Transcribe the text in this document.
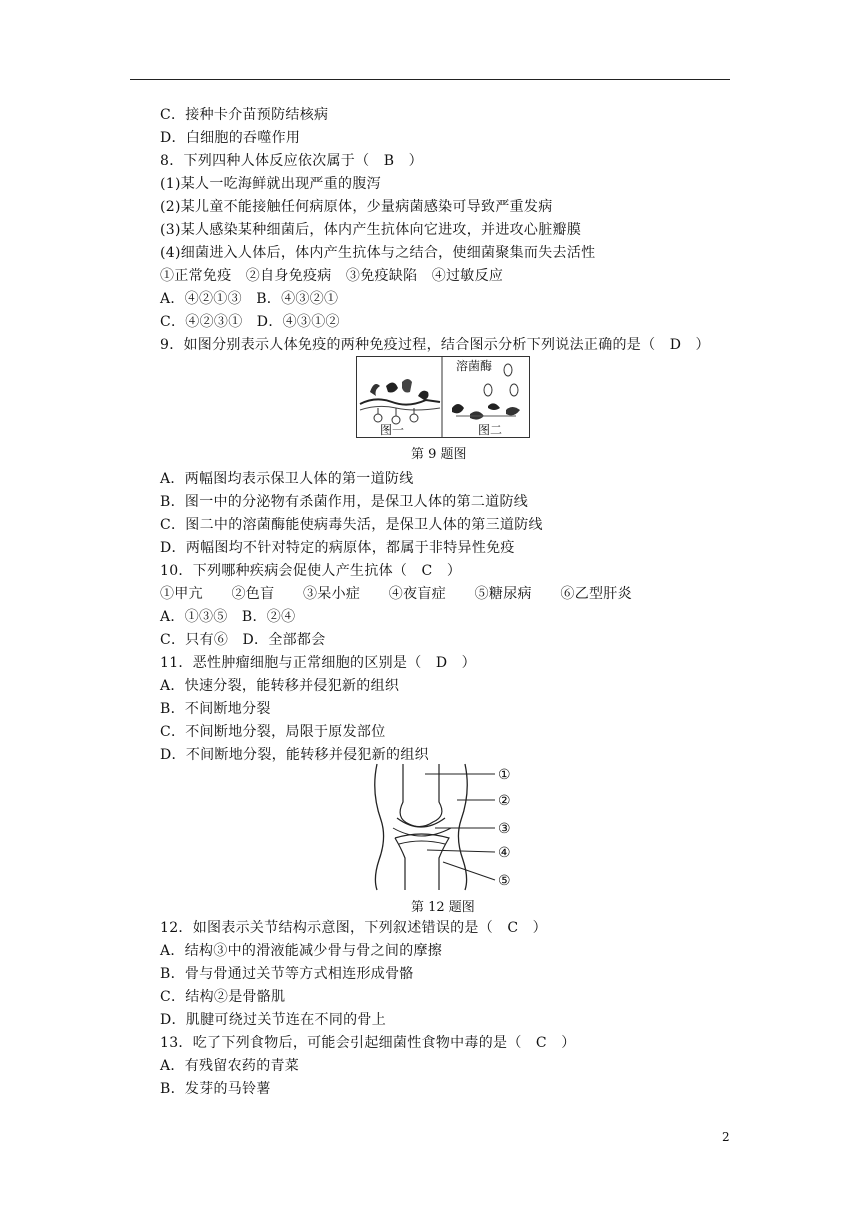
C．接种卡介苗预防结核病
D．白细胞的吞噬作用
8．下列四种人体反应依次属于（　B　）
(1)某人一吃海鲜就出现严重的腹泻
(2)某儿童不能接触任何病原体，少量病菌感染可导致严重发病
(3)某人感染某种细菌后，体内产生抗体向它进攻，并进攻心脏瓣膜
(4)细菌进入人体后，体内产生抗体与之结合，使细菌聚集而失去活性
①正常免疫　②自身免疫病　③免疫缺陷　④过敏反应
A．④②①③　B．④③②①
C．④②③①　D．④③①②
9．如图分别表示人体免疫的两种免疫过程，结合图示分析下列说法正确的是（　D　）
溶菌酶
图一	图二
第 9 题图
A．两幅图均表示保卫人体的第一道防线
B．图一中的分泌物有杀菌作用，是保卫人体的第二道防线
C．图二中的溶菌酶能使病毒失活，是保卫人体的第三道防线
D．两幅图均不针对特定的病原体，都属于非特异性免疫
10．下列哪种疾病会促使人产生抗体（　C　）
①甲亢　　②色盲　　③呆小症　　④夜盲症　　⑤糖尿病　　⑥乙型肝炎
A．①③⑤　B．②④
C．只有⑥　D．全部都会
11．恶性肿瘤细胞与正常细胞的区别是（　D　）
A．快速分裂，能转移并侵犯新的组织
B．不间断地分裂
C．不间断地分裂，局限于原发部位
D．不间断地分裂，能转移并侵犯新的组织
①
②
③
④
⑤
第 12 题图
12．如图表示关节结构示意图，下列叙述错误的是（　C　）
A．结构③中的滑液能减少骨与骨之间的摩擦
B．骨与骨通过关节等方式相连形成骨骼
C．结构②是骨骼肌
D．肌腱可绕过关节连在不同的骨上
13．吃了下列食物后，可能会引起细菌性食物中毒的是（　C　）
A．有残留农药的青菜
B．发芽的马铃薯
2
